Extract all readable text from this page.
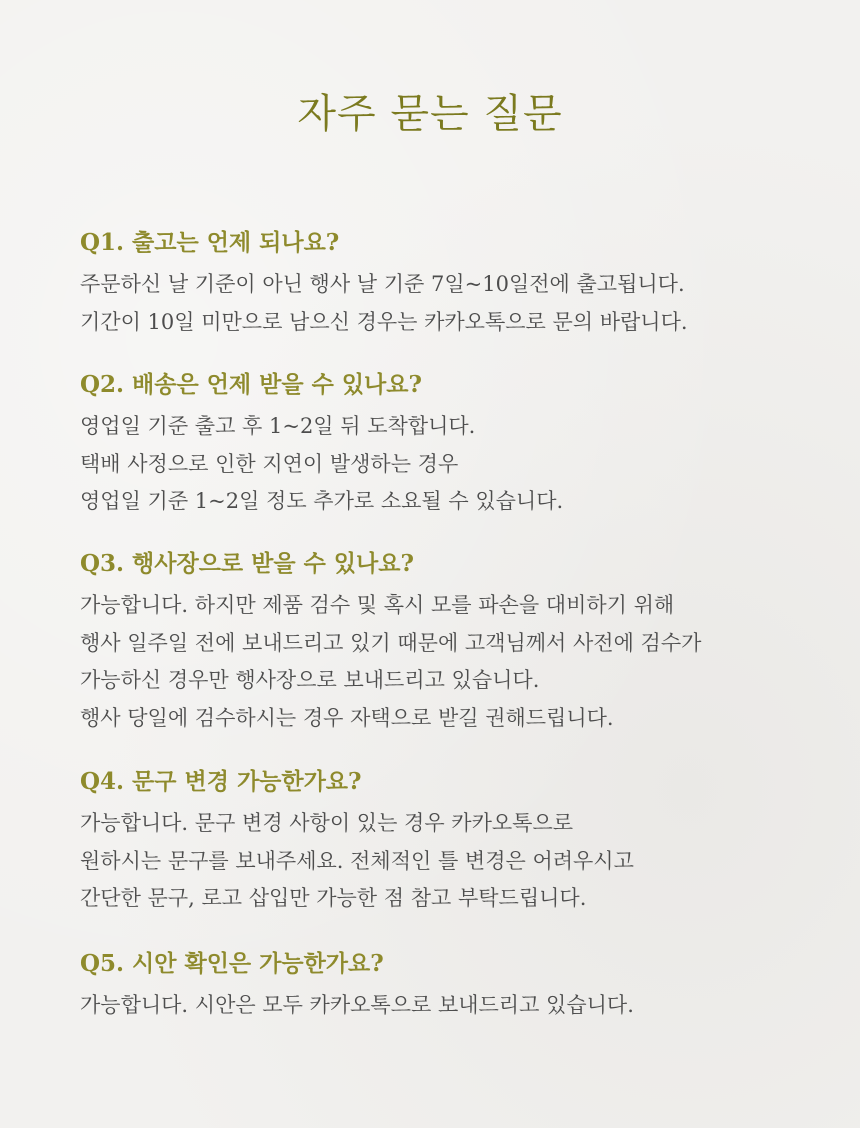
자주 묻는 질문

Q1. 출고는 언제 되나요?

주문하신 날 기준이 아닌 행사 날 기준 7일~10일전에 출고됩니다.

기간이 10일 미만으로 남으신 경우는 카카오톡으로 문의 바랍니다.

Q2. 배송은 언제 받을 수 있나요?

영업일 기준 출고 후 1~2일 뒤 도착합니다.

택배 사정으로 인한 지연이 발생하는 경우

영업일 기준 1~2일 정도 추가로 소요될 수 있습니다.

Q3. 행사장으로 받을 수 있나요?

가능합니다. 하지만 제품 검수 및 혹시 모를 파손을 대비하기 위해

행사 일주일 전에 보내드리고 있기 때문에 고객님께서 사전에 검수가

가능하신 경우만 행사장으로 보내드리고 있습니다.

행사 당일에 검수하시는 경우 자택으로 받길 권해드립니다.

Q4. 문구 변경 가능한가요?

가능합니다. 문구 변경 사항이 있는 경우 카카오톡으로

원하시는 문구를 보내주세요. 전체적인 틀 변경은 어려우시고

간단한 문구, 로고 삽입만 가능한 점 참고 부탁드립니다.

Q5. 시안 확인은 가능한가요?

가능합니다. 시안은 모두 카카오톡으로 보내드리고 있습니다.
